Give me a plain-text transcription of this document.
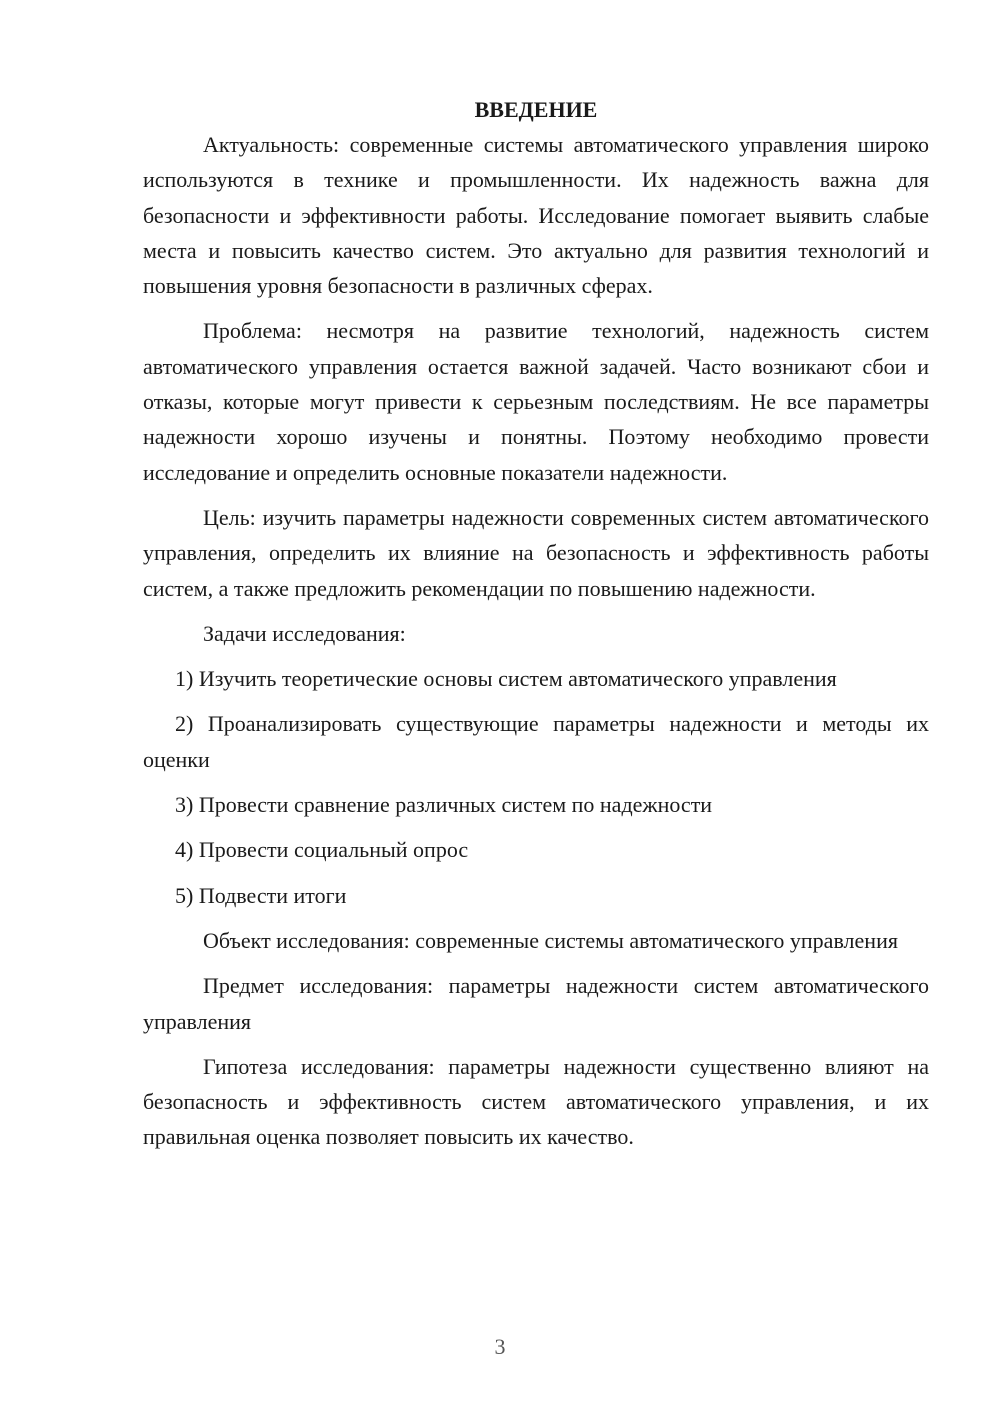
ВВЕДЕНИЕ

Актуальность: современные системы автоматического управления широко используются в технике и промышленности. Их надежность важна для безопасности и эффективности работы. Исследование помогает выявить слабые места и повысить качество систем. Это актуально для развития технологий и повышения уровня безопасности в различных сферах.

Проблема: несмотря на развитие технологий, надежность систем автоматического управления остается важной задачей. Часто возникают сбои и отказы, которые могут привести к серьезным последствиям. Не все параметры надежности хорошо изучены и понятны. Поэтому необходимо провести исследование и определить основные показатели надежности.

Цель: изучить параметры надежности современных систем автоматического управления, определить их влияние на безопасность и эффективность работы систем, а также предложить рекомендации по повышению надежности.

Задачи исследования:

1) Изучить теоретические основы систем автоматического управления

2) Проанализировать существующие параметры надежности и методы их оценки

3) Провести сравнение различных систем по надежности

4) Провести социальный опрос

5) Подвести итоги

Объект исследования: современные системы автоматического управления

Предмет исследования: параметры надежности систем автоматического управления

Гипотеза исследования: параметры надежности существенно влияют на безопасность и эффективность систем автоматического управления, и их правильная оценка позволяет повысить их качество.

3
